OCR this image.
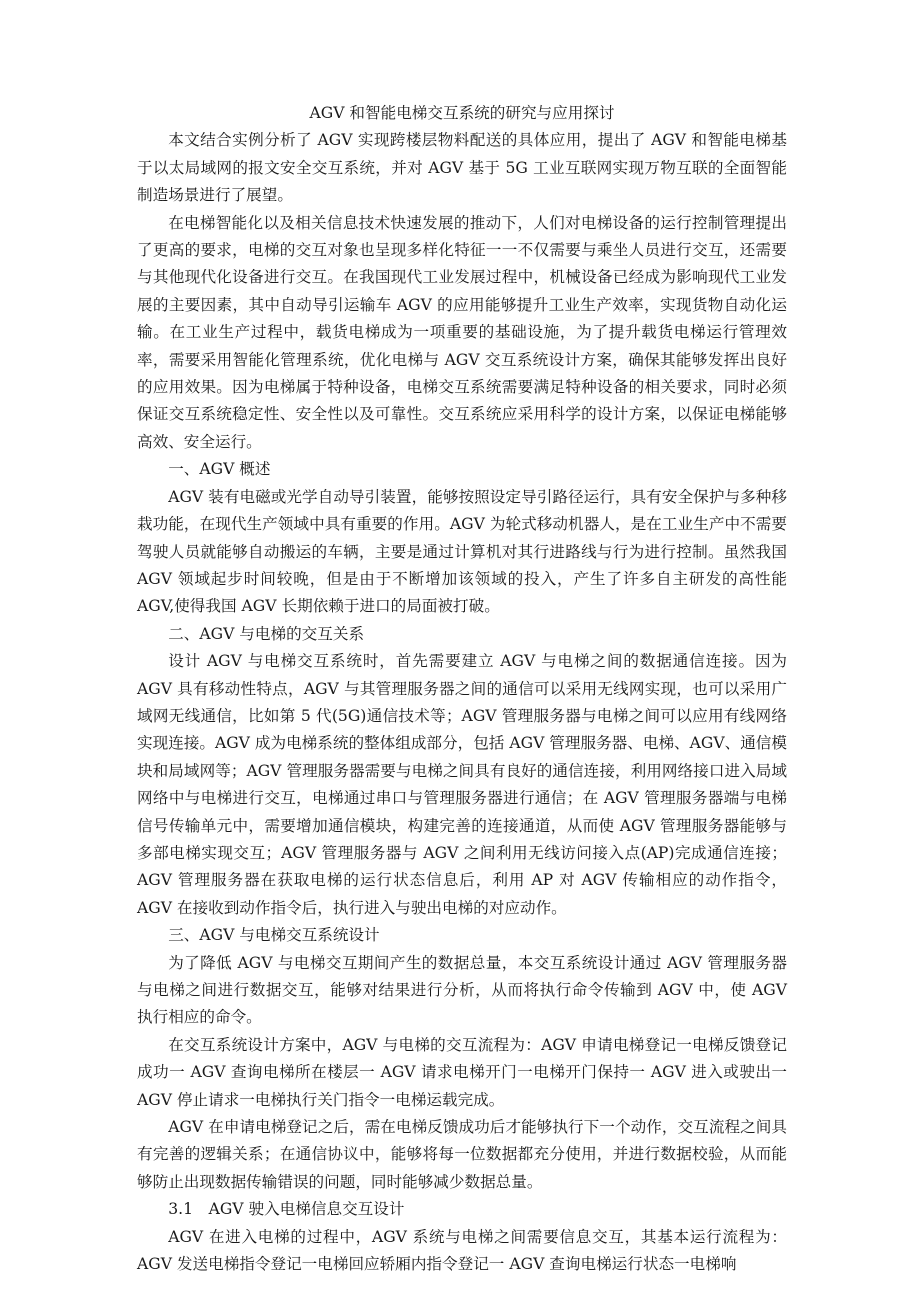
AGV 和智能电梯交互系统的研究与应用探讨

本文结合实例分析了 AGV 实现跨楼层物料配送的具体应用，提出了 AGV 和智能电梯基于以太局域网的报文安全交互系统，并对 AGV 基于 5G 工业互联网实现万物互联的全面智能制造场景进行了展望。

在电梯智能化以及相关信息技术快速发展的推动下，人们对电梯设备的运行控制管理提出了更高的要求，电梯的交互对象也呈现多样化特征一一不仅需要与乘坐人员进行交互，还需要与其他现代化设备进行交互。在我国现代工业发展过程中，机械设备已经成为影响现代工业发展的主要因素，其中自动导引运输车 AGV 的应用能够提升工业生产效率，实现货物自动化运输。在工业生产过程中，载货电梯成为一项重要的基础设施，为了提升载货电梯运行管理效率，需要采用智能化管理系统，优化电梯与 AGV 交互系统设计方案，确保其能够发挥出良好的应用效果。因为电梯属于特种设备，电梯交互系统需要满足特种设备的相关要求，同时必须保证交互系统稳定性、安全性以及可靠性。交互系统应采用科学的设计方案，以保证电梯能够高效、安全运行。

一、AGV 概述

AGV 装有电磁或光学自动导引装置，能够按照设定导引路径运行，具有安全保护与多种移栽功能，在现代生产领域中具有重要的作用。AGV 为轮式移动机器人，是在工业生产中不需要驾驶人员就能够自动搬运的车辆，主要是通过计算机对其行进路线与行为进行控制。虽然我国 AGV 领域起步时间较晚，但是由于不断增加该领域的投入，产生了许多自主研发的高性能 AGV,使得我国 AGV 长期依赖于进口的局面被打破。

二、AGV 与电梯的交互关系

设计 AGV 与电梯交互系统时，首先需要建立 AGV 与电梯之间的数据通信连接。因为 AGV 具有移动性特点，AGV 与其管理服务器之间的通信可以采用无线网实现，也可以采用广域网无线通信，比如第 5 代(5G)通信技术等；AGV 管理服务器与电梯之间可以应用有线网络实现连接。AGV 成为电梯系统的整体组成部分，包括 AGV 管理服务器、电梯、AGV、通信模块和局域网等；AGV 管理服务器需要与电梯之间具有良好的通信连接，利用网络接口进入局域网络中与电梯进行交互，电梯通过串口与管理服务器进行通信；在 AGV 管理服务器端与电梯信号传输单元中，需要增加通信模块，构建完善的连接通道，从而使 AGV 管理服务器能够与多部电梯实现交互；AGV 管理服务器与 AGV 之间利用无线访问接入点(AP)完成通信连接；AGV 管理服务器在获取电梯的运行状态信息后，利用 AP 对 AGV 传输相应的动作指令，AGV 在接收到动作指令后，执行进入与驶出电梯的对应动作。

三、AGV 与电梯交互系统设计

为了降低 AGV 与电梯交互期间产生的数据总量，本交互系统设计通过 AGV 管理服务器与电梯之间进行数据交互，能够对结果进行分析，从而将执行命令传输到 AGV 中，使 AGV 执行相应的命令。

在交互系统设计方案中，AGV 与电梯的交互流程为：AGV 申请电梯登记一电梯反馈登记成功一 AGV 查询电梯所在楼层一 AGV 请求电梯开门一电梯开门保持一 AGV 进入或驶出一 AGV 停止请求一电梯执行关门指令一电梯运载完成。

AGV 在申请电梯登记之后，需在电梯反馈成功后才能够执行下一个动作，交互流程之间具有完善的逻辑关系；在通信协议中，能够将每一位数据都充分使用，并进行数据校验，从而能够防止出现数据传输错误的问题，同时能够减少数据总量。

3.1　AGV 驶入电梯信息交互设计

AGV 在进入电梯的过程中，AGV 系统与电梯之间需要信息交互，其基本运行流程为：AGV 发送电梯指令登记一电梯回应轿厢内指令登记一 AGV 查询电梯运行状态一电梯响
